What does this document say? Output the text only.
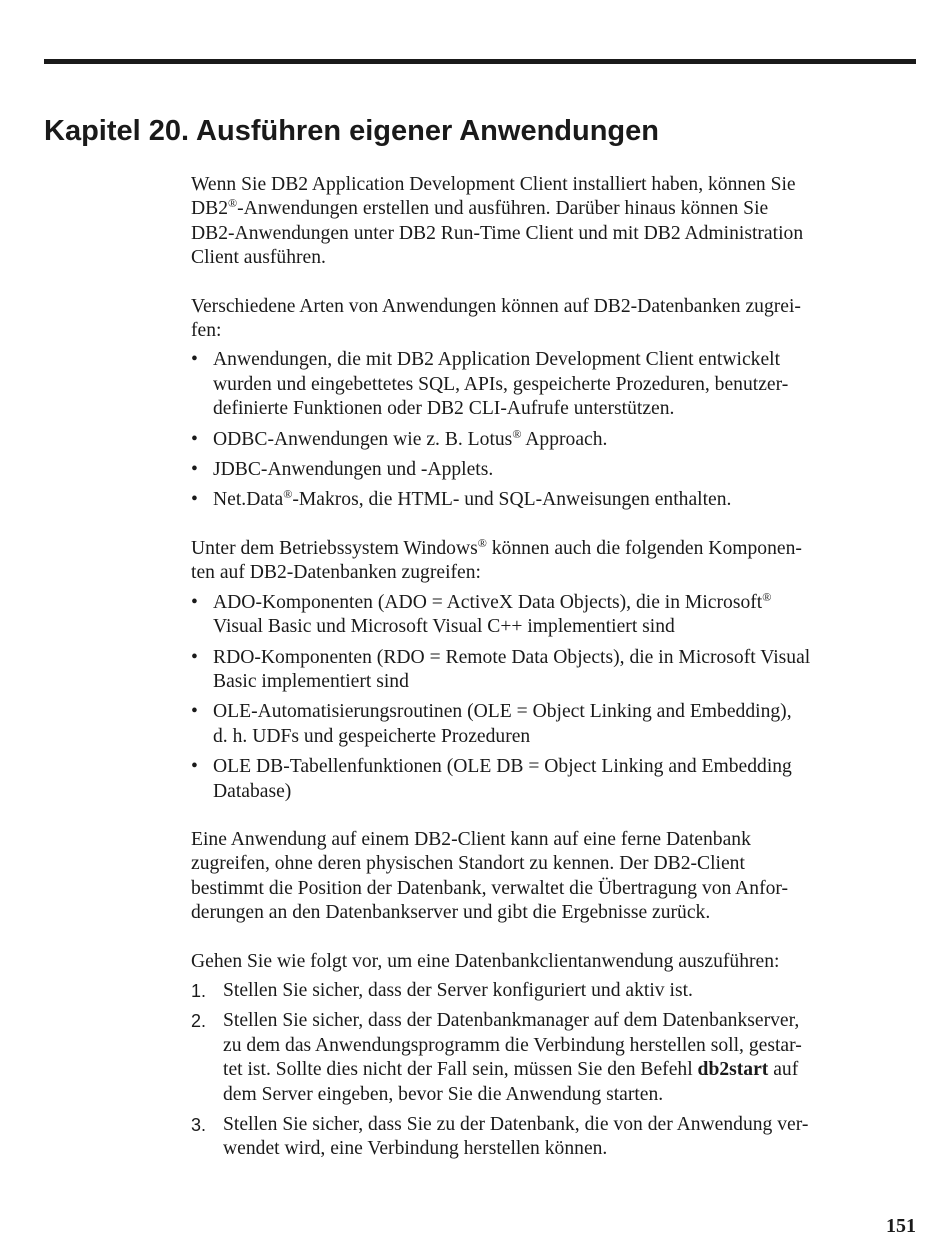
Kapitel 20. Ausführen eigener Anwendungen

Wenn Sie DB2 Application Development Client installiert haben, können Sie
DB2®-Anwendungen erstellen und ausführen. Darüber hinaus können Sie
DB2-Anwendungen unter DB2 Run-Time Client und mit DB2 Administration
Client ausführen.

Verschiedene Arten von Anwendungen können auf DB2-Datenbanken zugrei-
fen:

• Anwendungen, die mit DB2 Application Development Client entwickelt
wurden und eingebettetes SQL, APIs, gespeicherte Prozeduren, benutzer-
definierte Funktionen oder DB2 CLI-Aufrufe unterstützen.
• ODBC-Anwendungen wie z. B. Lotus® Approach.
• JDBC-Anwendungen und -Applets.
• Net.Data®-Makros, die HTML- und SQL-Anweisungen enthalten.

Unter dem Betriebssystem Windows® können auch die folgenden Komponen-
ten auf DB2-Datenbanken zugreifen:

• ADO-Komponenten (ADO = ActiveX Data Objects), die in Microsoft®
Visual Basic und Microsoft Visual C++ implementiert sind
• RDO-Komponenten (RDO = Remote Data Objects), die in Microsoft Visual
Basic implementiert sind
• OLE-Automatisierungsroutinen (OLE = Object Linking and Embedding),
d. h. UDFs und gespeicherte Prozeduren
• OLE DB-Tabellenfunktionen (OLE DB = Object Linking and Embedding
Database)

Eine Anwendung auf einem DB2-Client kann auf eine ferne Datenbank
zugreifen, ohne deren physischen Standort zu kennen. Der DB2-Client
bestimmt die Position der Datenbank, verwaltet die Übertragung von Anfor-
derungen an den Datenbankserver und gibt die Ergebnisse zurück.

Gehen Sie wie folgt vor, um eine Datenbankclientanwendung auszuführen:

1. Stellen Sie sicher, dass der Server konfiguriert und aktiv ist.
2. Stellen Sie sicher, dass der Datenbankmanager auf dem Datenbankserver,
zu dem das Anwendungsprogramm die Verbindung herstellen soll, gestar-
tet ist. Sollte dies nicht der Fall sein, müssen Sie den Befehl db2start auf
dem Server eingeben, bevor Sie die Anwendung starten.
3. Stellen Sie sicher, dass Sie zu der Datenbank, die von der Anwendung ver-
wendet wird, eine Verbindung herstellen können.
151
